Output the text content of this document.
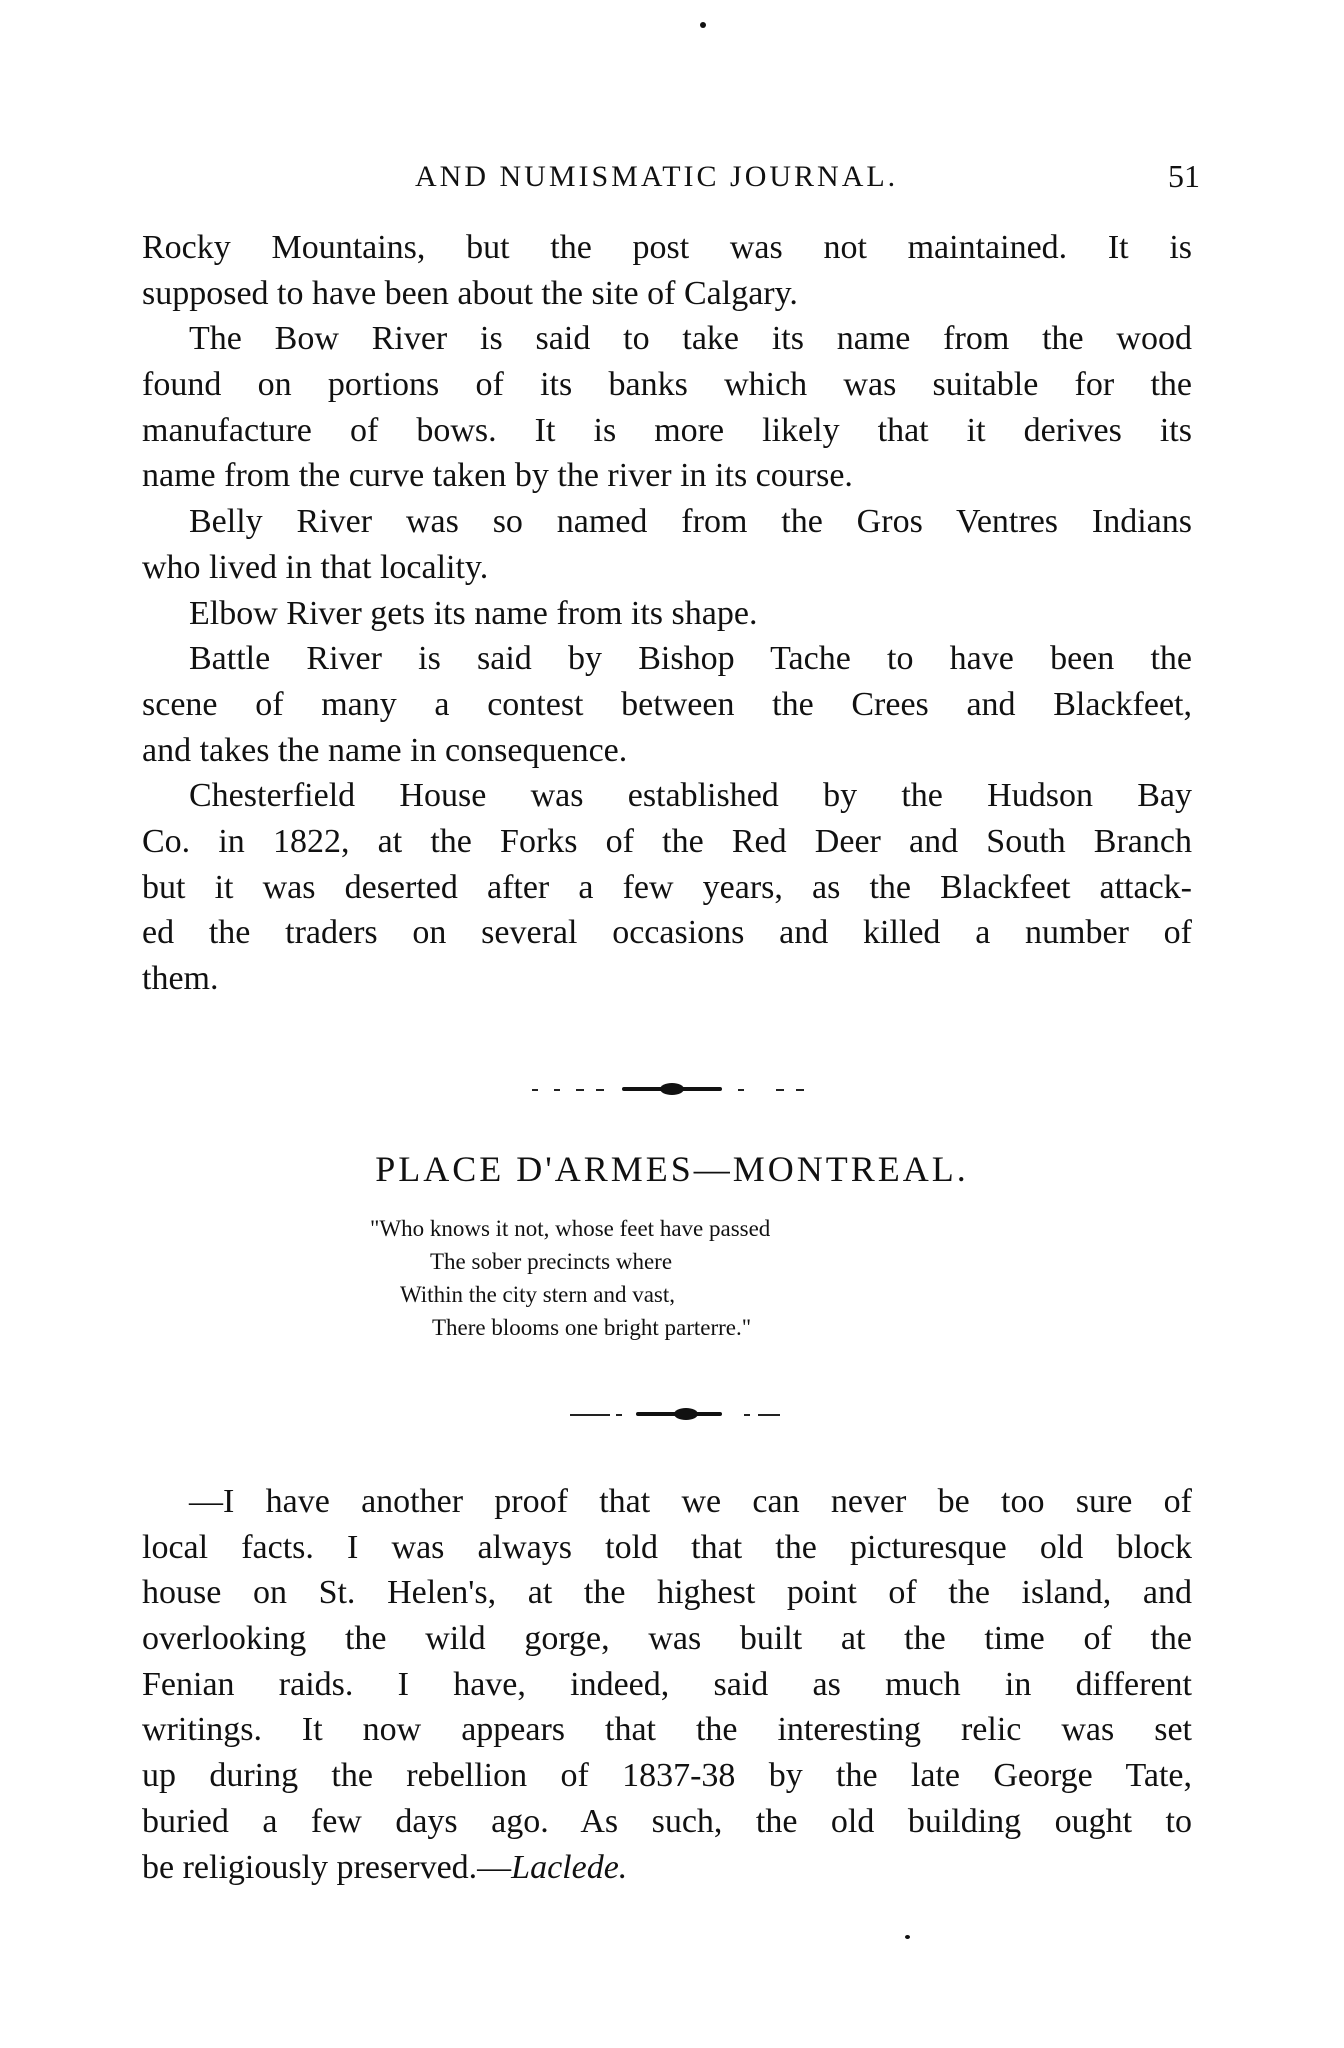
AND NUMISMATIC JOURNAL.	51
Rocky Mountains, but the post was not maintained. It is
supposed to have been about the site of Calgary.
The Bow River is said to take its name from the wood
found on portions of its banks which was suitable for the
manufacture of bows. It is more likely that it derives its
name from the curve taken by the river in its course.
Belly River was so named from the Gros Ventres Indians
who lived in that locality.
Elbow River gets its name from its shape.
Battle River is said by Bishop Tache to have been the
scene of many a contest between the Crees and Blackfeet,
and takes the name in consequence.
Chesterfield House was established by the Hudson Bay
Co. in 1822, at the Forks of the Red Deer and South Branch
but it was deserted after a few years, as the Blackfeet attack-
ed the traders on several occasions and killed a number of
them.
PLACE D'ARMES—MONTREAL.
"Who knows it not, whose feet have passed
The sober precincts where
Within the city stern and vast,
There blooms one bright parterre."
—I have another proof that we can never be too sure of
local facts. I was always told that the picturesque old block
house on St. Helen's, at the highest point of the island, and
overlooking the wild gorge, was built at the time of the
Fenian raids. I have, indeed, said as much in different
writings. It now appears that the interesting relic was set
up during the rebellion of 1837-38 by the late George Tate,
buried a few days ago. As such, the old building ought to
be religiously preserved.—Laclede.
